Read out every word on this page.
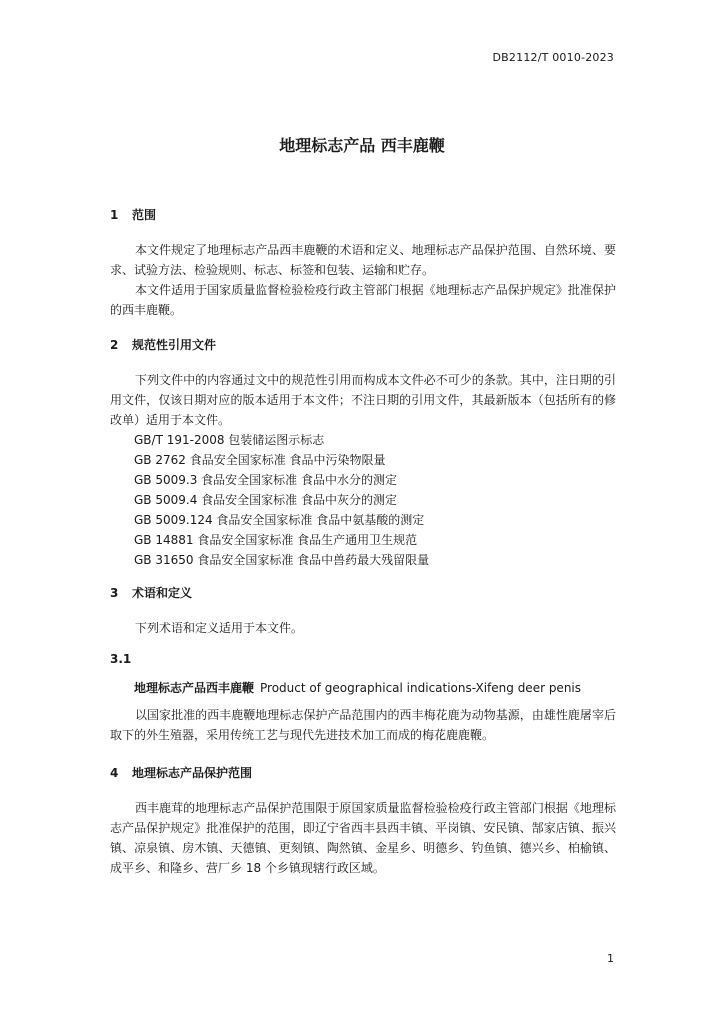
DB2112/T 0010-2023
地理标志产品 西丰鹿鞭
1 范围
本文件规定了地理标志产品西丰鹿鞭的术语和定义、地理标志产品保护范围、自然环境、要求、试验方法、检验规则、标志、标签和包装、运输和贮存。
本文件适用于国家质量监督检验检疫行政主管部门根据《地理标志产品保护规定》批准保护的西丰鹿鞭。
2 规范性引用文件
下列文件中的内容通过文中的规范性引用而构成本文件必不可少的条款。其中，注日期的引用文件，仅该日期对应的版本适用于本文件；不注日期的引用文件，其最新版本（包括所有的修改单）适用于本文件。
GB/T 191-2008 包装储运图示标志
GB 2762 食品安全国家标准 食品中污染物限量
GB 5009.3 食品安全国家标准 食品中水分的测定
GB 5009.4 食品安全国家标准 食品中灰分的测定
GB 5009.124 食品安全国家标准 食品中氨基酸的测定
GB 14881 食品安全国家标准 食品生产通用卫生规范
GB 31650 食品安全国家标准 食品中兽药最大残留限量
3 术语和定义
下列术语和定义适用于本文件。
3.1
地理标志产品西丰鹿鞭 Product of geographical indications-Xifeng deer penis
以国家批准的西丰鹿鞭地理标志保护产品范围内的西丰梅花鹿为动物基源，由雄性鹿屠宰后取下的外生殖器，采用传统工艺与现代先进技术加工而成的梅花鹿鹿鞭。
4 地理标志产品保护范围
西丰鹿茸的地理标志产品保护范围限于原国家质量监督检验检疫行政主管部门根据《地理标志产品保护规定》批准保护的范围，即辽宁省西丰县西丰镇、平岗镇、安民镇、郜家店镇、振兴镇、凉泉镇、房木镇、天德镇、更刻镇、陶然镇、金星乡、明德乡、钓鱼镇、德兴乡、柏榆镇、成平乡、和隆乡、营厂乡 18 个乡镇现辖行政区域。
1
